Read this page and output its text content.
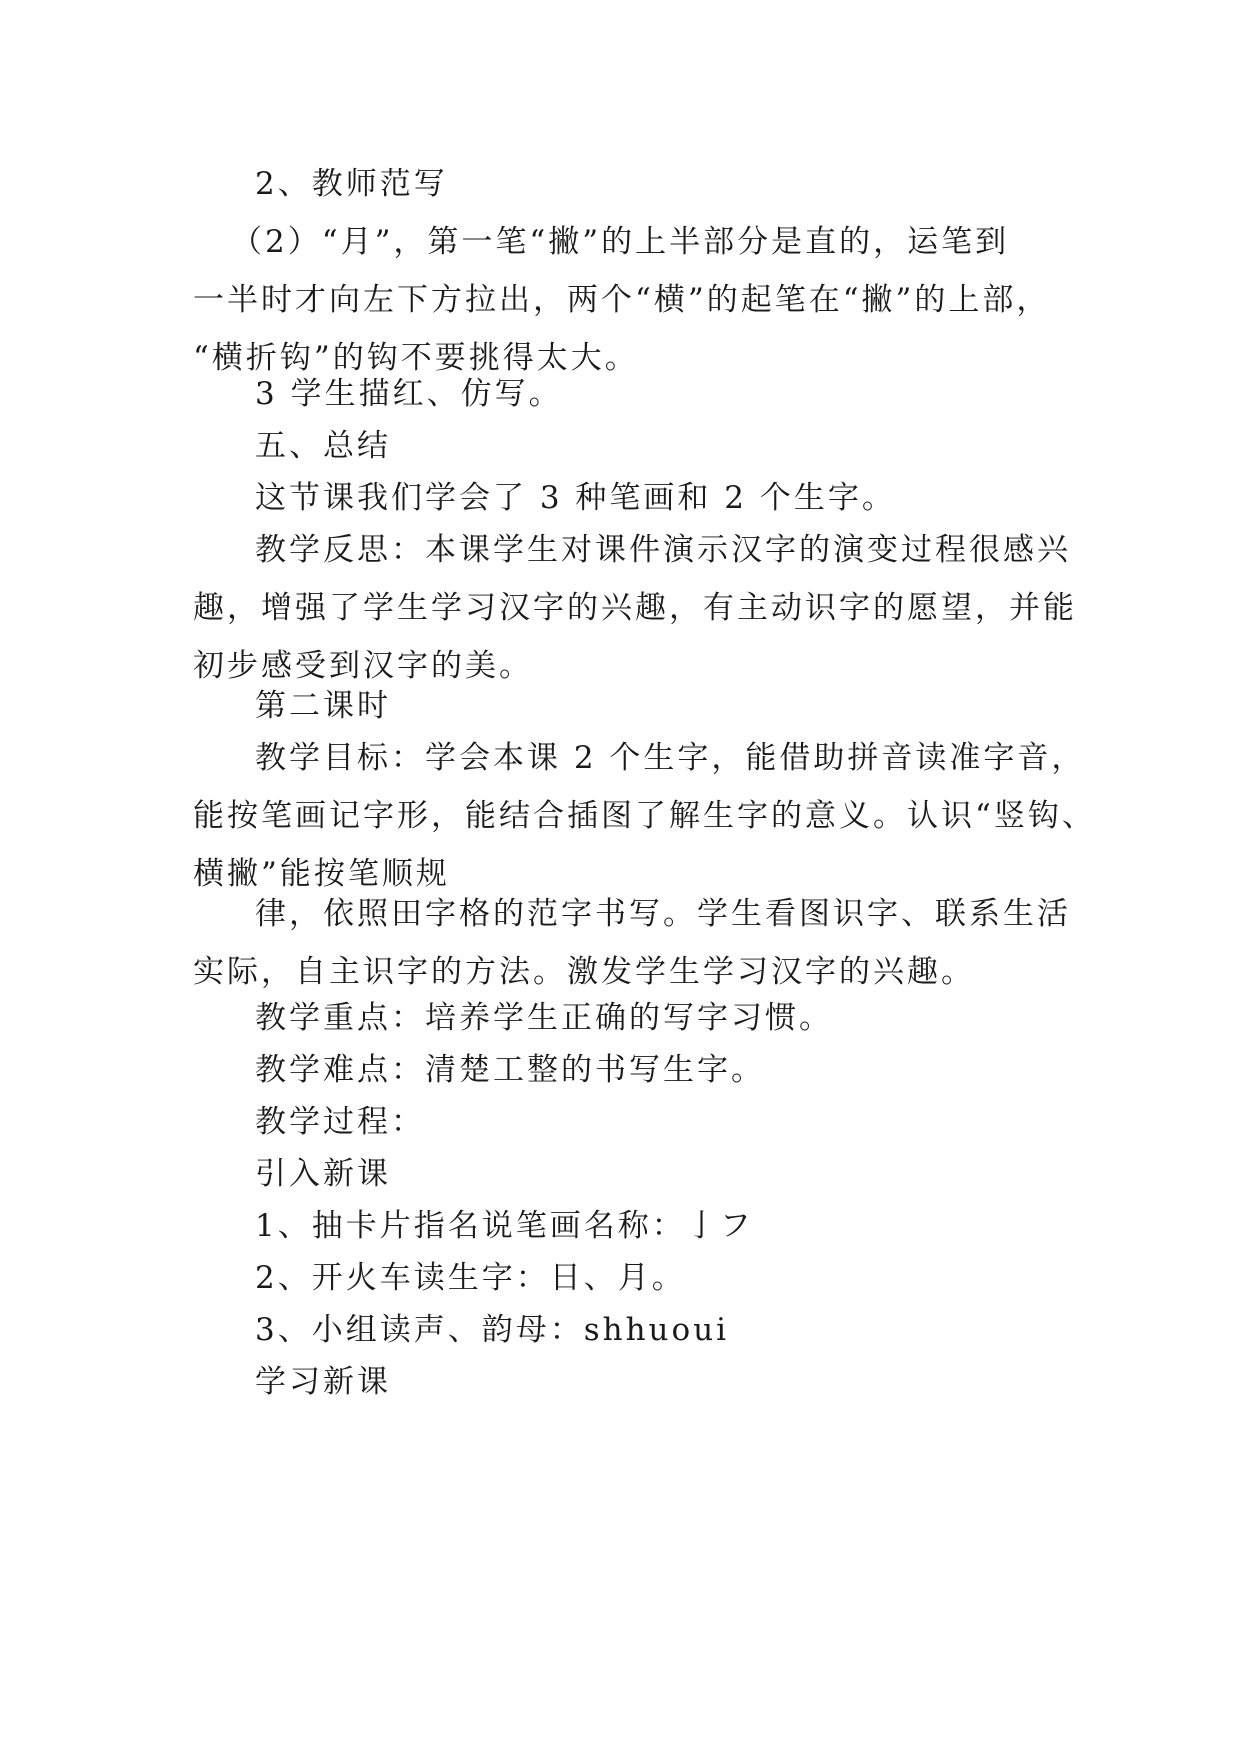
2、教师范写

（2）“月”，第一笔“撇”的上半部分是直的，运笔到
一半时才向左下方拉出，两个“横”的起笔在“撇”的上部，
“横折钩”的钩不要挑得太大。

3 学生描红、仿写。

五、总结

这节课我们学会了 3 种笔画和 2 个生字。

教学反思：本课学生对课件演示汉字的演变过程很感兴
趣，增强了学生学习汉字的兴趣，有主动识字的愿望，并能
初步感受到汉字的美。

第二课时

教学目标：学会本课 2 个生字，能借助拼音读准字音，
能按笔画记字形，能结合插图了解生字的意义。认识“竖钩、
横撇”能按笔顺规

律，依照田字格的范字书写。学生看图识字、联系生活
实际，自主识字的方法。激发学生学习汉字的兴趣。

教学重点：培养学生正确的写字习惯。

教学难点：清楚工整的书写生字。

教学过程：

引入新课

1、抽卡片指名说笔画名称：亅フ

2、开火车读生字：日、月。

3、小组读声、韵母：shhuoui

学习新课
